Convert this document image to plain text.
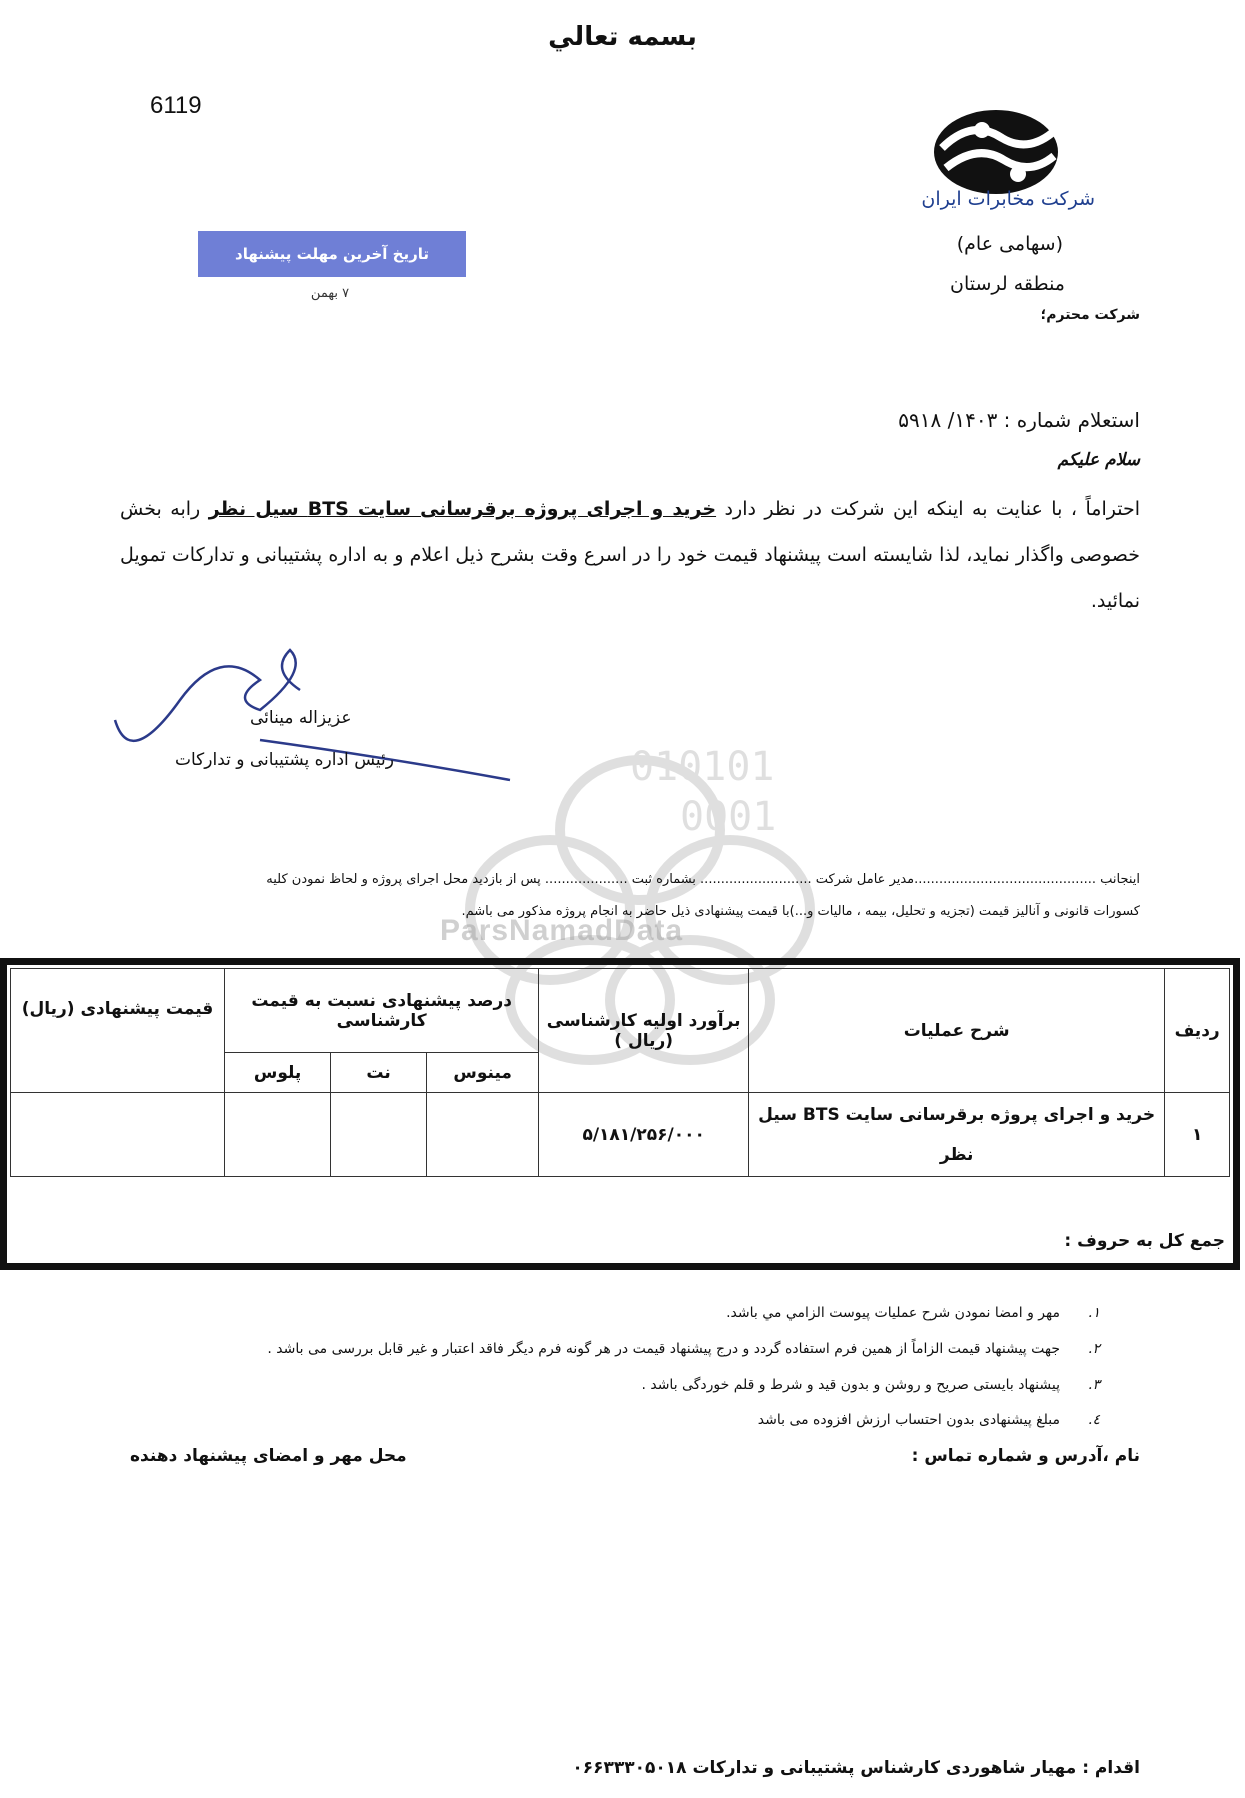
010101
0001
ParsNamadData
بسمه تعالي
6119
شرکت مخابرات ایران
(سهامی عام)
منطقه لرستان
شرکت محترم؛
تاریخ آخرین مهلت پیشنهاد
۷ بهمن
استعلام شماره : ۱۴۰۳/ ۵۹۱۸
سلام علیکم
احتراماً ، با عنایت به اینکه این شرکت در نظر دارد خرید و اجرای پروژه برقرسانی سایت BTS سیل نظر رابه بخش خصوصی واگذار نماید، لذا شایسته است پیشنهاد قیمت خود را در اسرع وقت بشرح ذیل اعلام و به اداره پشتیبانی و تدارکات تمویل نمائید.
عزیزاله مینائی
رئیس اداره پشتیبانی و تدارکات
اینجانب ............................................مدیر عامل شرکت ........................... بشماره ثبت .................... پس از بازدید محل اجرای پروژه و لحاظ نمودن کلیه
کسورات قانونی و آنالیز قیمت (تجزیه و تحلیل، بیمه ، مالیات و...)با قیمت پیشنهادی ذیل حاضر به انجام پروژه مذکور می باشم.
ردیف	شرح عملیات	برآورد اولیه کارشناسی (ریال )	درصد پیشنهادی نسبت به قیمت کارشناسی			قیمت پیشنهادی (ریال)
			مینوس	نت	پلوس	
۱	خرید و اجرای پروژه برقرسانی سایت BTS سیل نظر	۵/۱۸۱/۲۵۶/۰۰۰				
جمع کل به حروف :
۱.مهر و امضا نمودن شرح عملیات پیوست الزامي مي باشد.
۲.جهت پیشنهاد قیمت الزاماً از همین فرم استفاده گردد و درج پیشنهاد قیمت در هر گونه فرم دیگر فاقد اعتبار و غیر قابل بررسی می باشد .
۳.پیشنهاد بایستی صریح و روشن و بدون قید و شرط و قلم خوردگی باشد .
٤.مبلغ پیشنهادی بدون احتساب ارزش افزوده می باشد
نام ،آدرس و شماره تماس :
محل مهر و امضای پیشنهاد دهنده
اقدام : مهیار شاهوردی کارشناس پشتیبانی و تدارکات ۰۶۶۳۳۳۰۵۰۱۸
